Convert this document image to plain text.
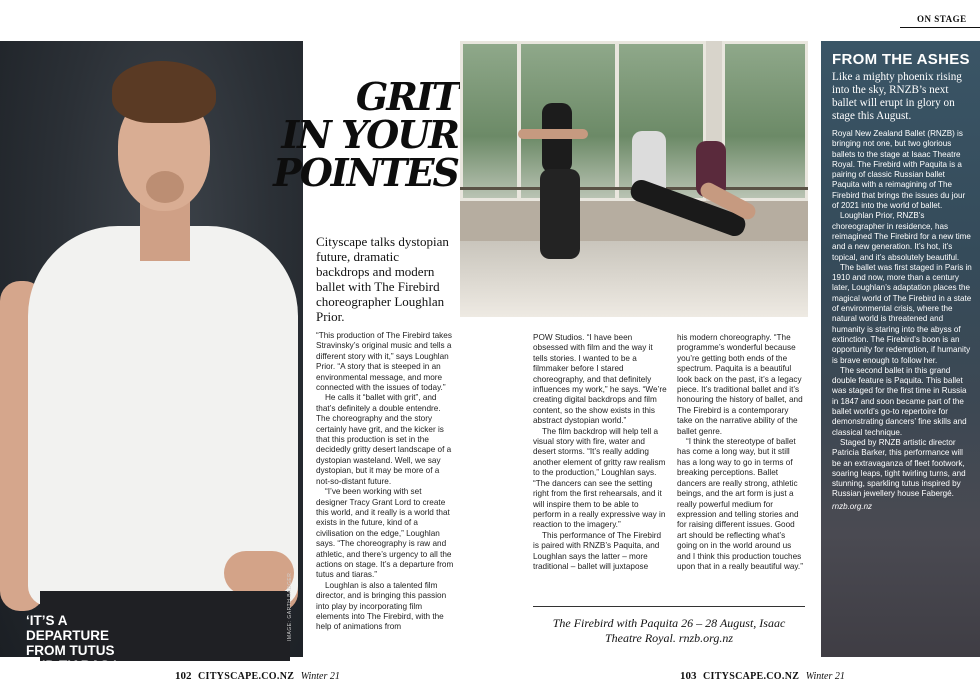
ON STAGE
‘IT’S A DEPARTURE FROM TUTUS AND TIARAS.’
IMAGE: GARTH BADGER
GRIT
IN YOUR
POINTES
Cityscape talks dystopian future, dramatic backdrops and modern ballet with The Firebird choreographer Loughlan Prior.

“This production of The Firebird takes Stravinsky’s original music and tells a different story with it,” says Loughlan Prior. “A story that is steeped in an environmental message, and more connected with the issues of today.”

He calls it “ballet with grit”, and that’s definitely a double entendre. The choreography and the story certainly have grit, and the kicker is that this production is set in the decidedly gritty desert landscape of a dystopian wasteland. Well, we say dystopian, but it may be more of a not-so-distant future.

“I’ve been working with set designer Tracy Grant Lord to create this world, and it really is a world that exists in the future, kind of a civilisation on the edge,” Loughlan says. “The choreography is raw and athletic, and there’s urgency to all the actions on stage. It’s a departure from tutus and tiaras.”

Loughlan is also a talented film director, and is bringing this passion into play by incorporating film elements into The Firebird, with the help of animations from

POW Studios. “I have been obsessed with film and the way it tells stories. I wanted to be a filmmaker before I stared choreography, and that definitely influences my work,” he says. “We’re creating digital backdrops and film content, so the show exists in this abstract dystopian world.”

The film backdrop will help tell a visual story with fire, water and desert storms. “It’s really adding another element of gritty raw realism to the production,” Loughlan says. “The dancers can see the setting right from the first rehearsals, and it will inspire them to be able to perform in a really expressive way in reaction to the imagery.”

This performance of The Firebird is paired with RNZB’s Paquita, and Loughlan says the latter – more traditional – ballet will juxtapose

his modern choreography. “The programme’s wonderful because you’re getting both ends of the spectrum. Paquita is a beautiful look back on the past, it’s a legacy piece. It’s traditional ballet and it’s honouring the history of ballet, and The Firebird is a contemporary take on the narrative ability of the ballet genre.

“I think the stereotype of ballet has come a long way, but it still has a long way to go in terms of breaking perceptions. Ballet dancers are really strong, athletic beings, and the art form is just a really powerful medium for expression and telling stories and for raising different issues. Good art should be reflecting what’s going on in the world around us and I think this production touches upon that in a really beautiful way.”

The Firebird with Paquita 26 – 28 August, Isaac Theatre Royal. rnzb.org.nz
FROM THE ASHES
Like a mighty phoenix rising into the sky, RNZB’s next ballet will erupt in glory on stage this August.

Royal New Zealand Ballet (RNZB) is bringing not one, but two glorious ballets to the stage at Isaac Theatre Royal. The Firebird with Paquita is a pairing of classic Russian ballet Paquita with a reimagining of The Firebird that brings the issues du jour of 2021 into the world of ballet.

Loughlan Prior, RNZB’s choreographer in residence, has reimagined The Firebird for a new time and a new generation. It’s hot, it’s topical, and it’s absolutely beautiful.

The ballet was first staged in Paris in 1910 and now, more than a century later, Loughlan’s adaptation places the magical world of The Firebird in a state of environmental crisis, where the natural world is threatened and humanity is staring into the abyss of extinction. The Firebird’s boon is an opportunity for redemption, if humanity is brave enough to follow her.

The second ballet in this grand double feature is Paquita. This ballet was staged for the first time in Russia in 1847 and soon became part of the ballet world’s go-to repertoire for demonstrating dancers’ fine skills and classical technique.

Staged by RNZB artistic director Patricia Barker, this performance will be an extravaganza of fleet footwork, soaring leaps, tight twirling turns, and stunning, sparkling tutus inspired by Russian jewellery house Fabergé.

rnzb.org.nz
102 CITYSCAPE.CO.NZ Winter 21	103 CITYSCAPE.CO.NZ Winter 21
